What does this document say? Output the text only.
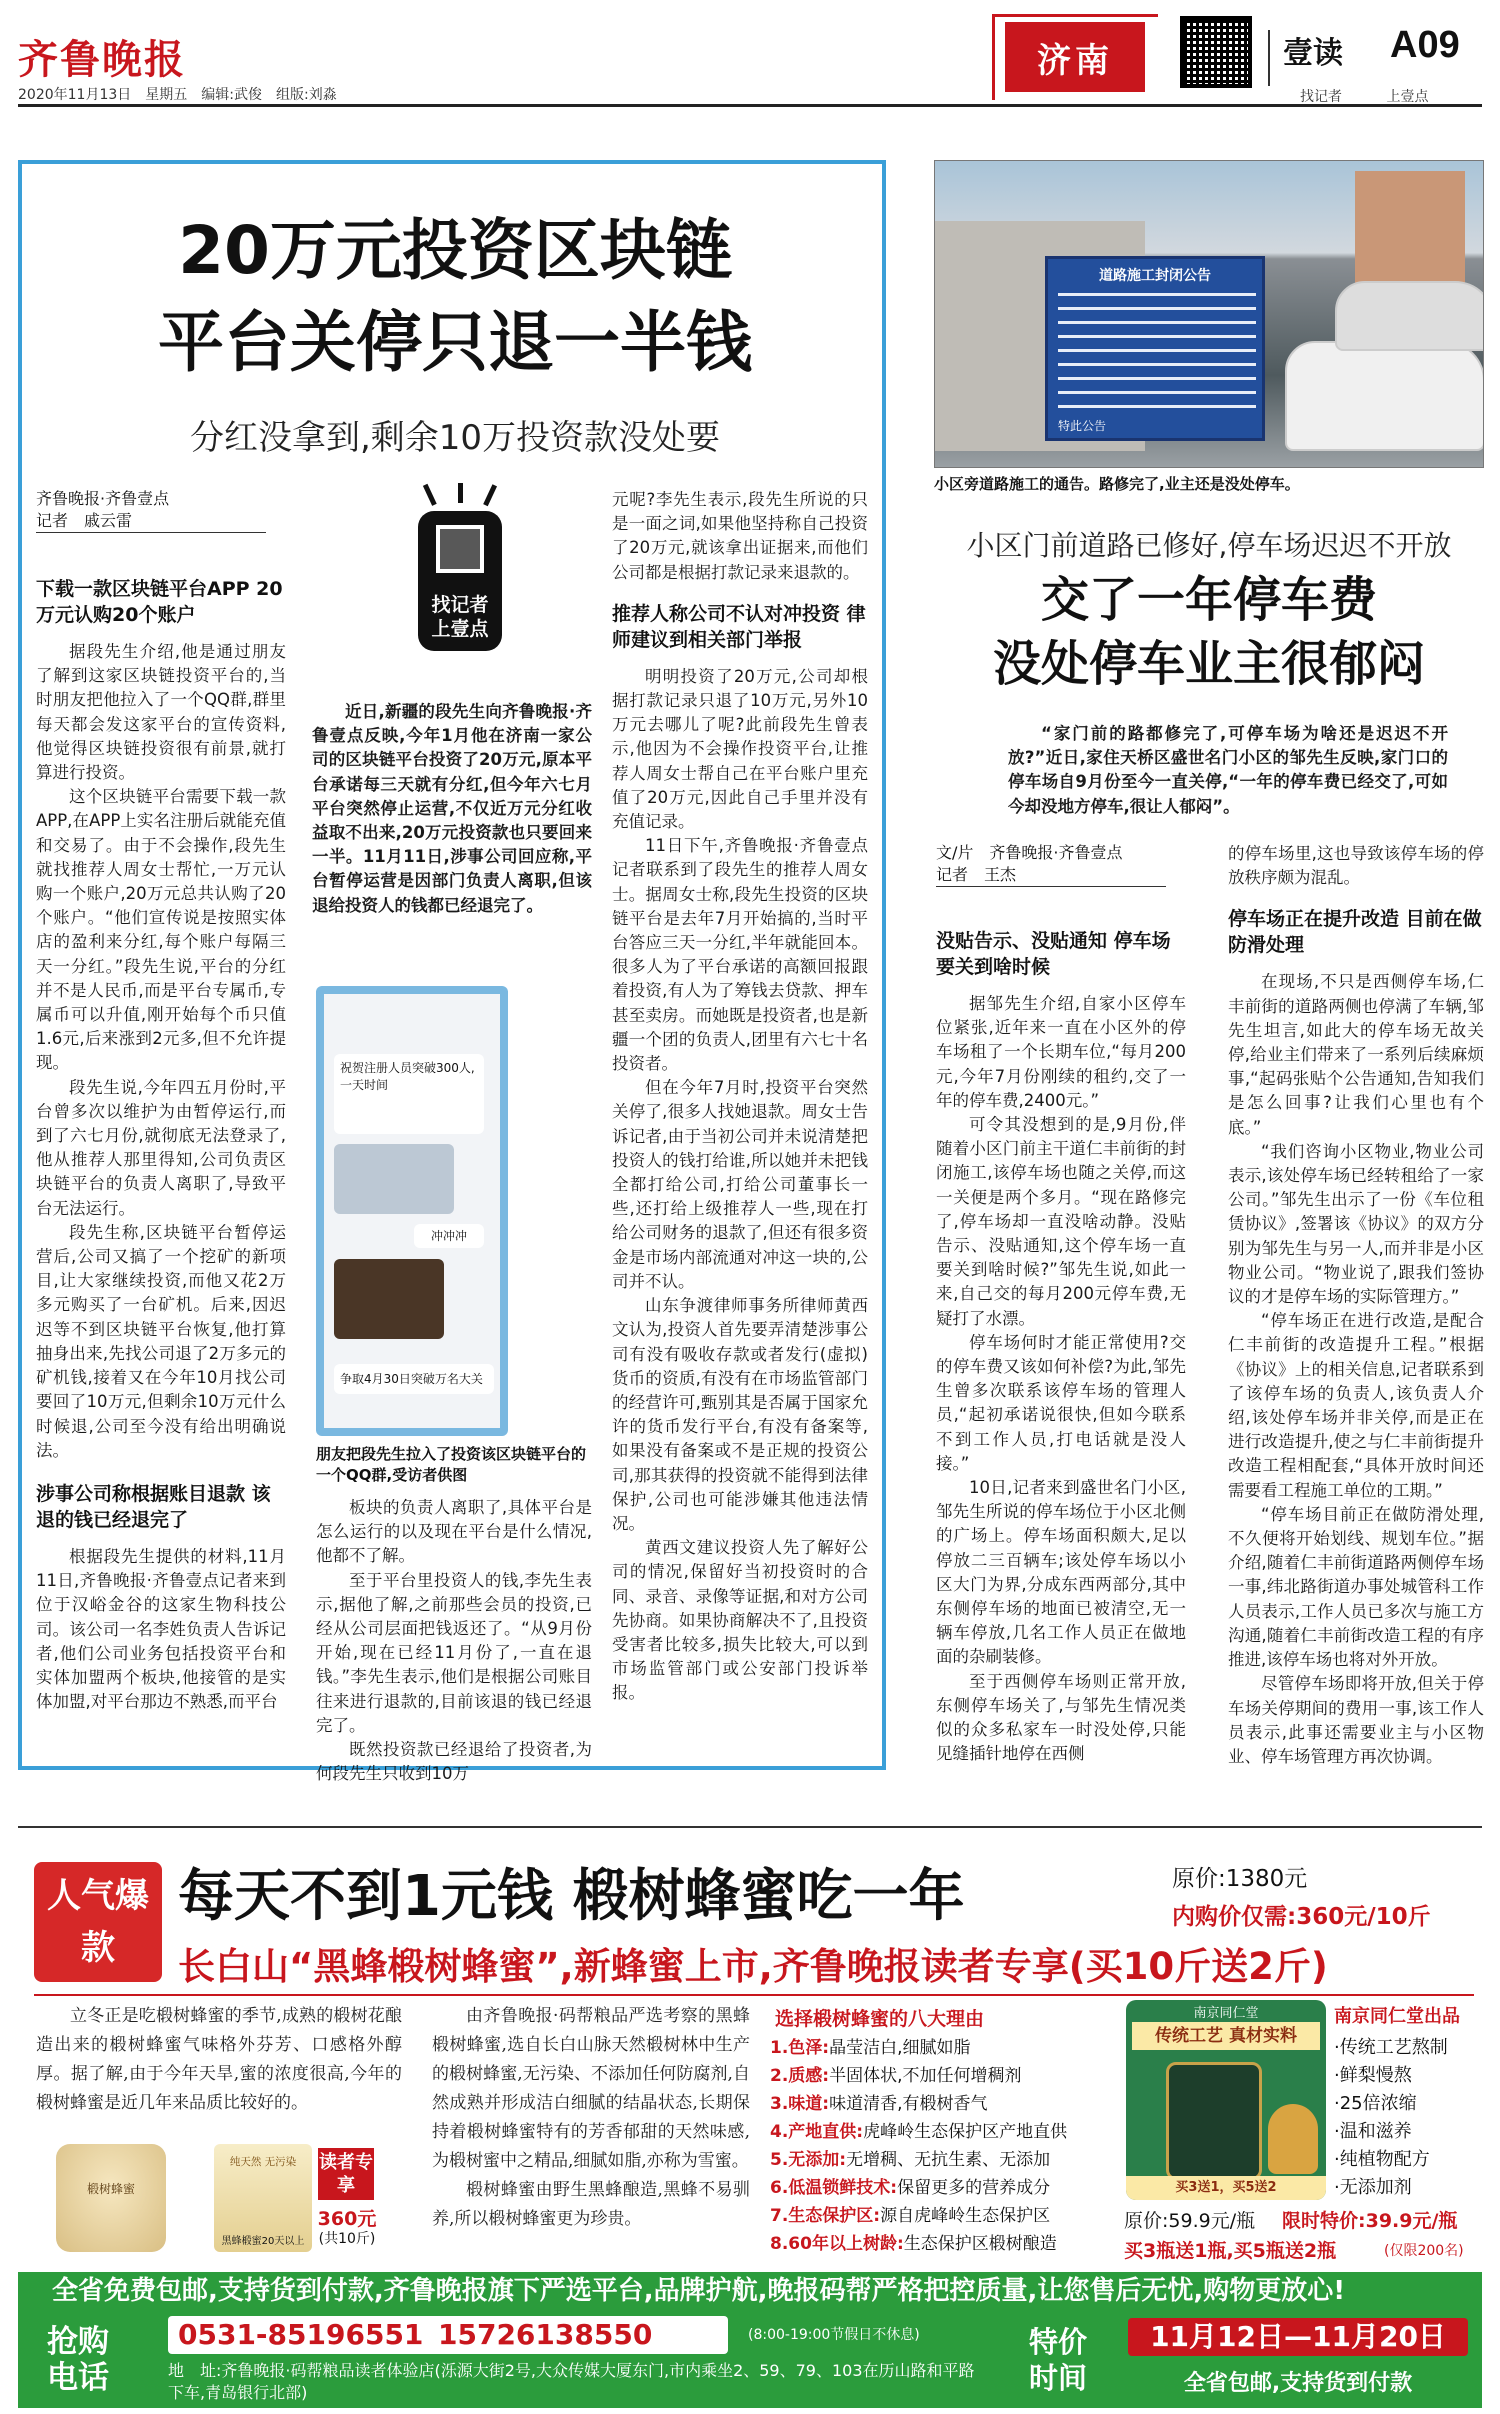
齐鲁晚报
2020年11月13日　星期五　编辑:武俊　组版:刘淼
济南	壹读 A09
找记者 上壹点
20万元投资区块链
平台关停只退一半钱
分红没拿到,剩余10万投资款没处要
齐鲁晚报·齐鲁壹点
记者　戚云雷
下载一款区块链平台APP 20万元认购20个账户

据段先生介绍,他是通过朋友了解到这家区块链投资平台的,当时朋友把他拉入了一个QQ群,群里每天都会发这家平台的宣传资料,他觉得区块链投资很有前景,就打算进行投资。

这个区块链平台需要下载一款APP,在APP上实名注册后就能充值和交易了。由于不会操作,段先生就找推荐人周女士帮忙,一万元认购一个账户,20万元总共认购了20个账户。“他们宣传说是按照实体店的盈利来分红,每个账户每隔三天一分红。”段先生说,平台的分红并不是人民币,而是平台专属币,专属币可以升值,刚开始每个币只值1.6元,后来涨到2元多,但不允许提现。

段先生说,今年四五月份时,平台曾多次以维护为由暂停运行,而到了六七月份,就彻底无法登录了,他从推荐人那里得知,公司负责区块链平台的负责人离职了,导致平台无法运行。

段先生称,区块链平台暂停运营后,公司又搞了一个挖矿的新项目,让大家继续投资,而他又花2万多元购买了一台矿机。后来,因迟迟等不到区块链平台恢复,他打算抽身出来,先找公司退了2万多元的矿机钱,接着又在今年10月找公司要回了10万元,但剩余10万元什么时候退,公司至今没有给出明确说法。

涉事公司称根据账目退款 该退的钱已经退完了

根据段先生提供的材料,11月11日,齐鲁晚报·齐鲁壹点记者来到位于汉峪金谷的这家生物科技公司。该公司一名李姓负责人告诉记者,他们公司业务包括投资平台和实体加盟两个板块,他接管的是实体加盟,对平台那边不熟悉,而平台

找记者
上壹点

近日,新疆的段先生向齐鲁晚报·齐鲁壹点反映,今年1月他在济南一家公司的区块链平台投资了20万元,原本平台承诺每三天就有分红,但今年六七月平台突然停止运营,不仅近万元分红收益取不出来,20万元投资款也只要回来一半。11月11日,涉事公司回应称,平台暂停运营是因部门负责人离职,但该退给投资人的钱都已经退完了。

祝贺注册人员突破300人,一天时间
冲冲冲
争取4月30日突破万名大关
朋友把段先生拉入了投资该区块链平台的一个QQ群,受访者供图

板块的负责人离职了,具体平台是怎么运行的以及现在平台是什么情况,他都不了解。

至于平台里投资人的钱,李先生表示,据他了解,之前那些会员的投资,已经从公司层面把钱返还了。“从9月份开始,现在已经11月份了,一直在退钱。”李先生表示,他们是根据公司账目往来进行退款的,目前该退的钱已经退完了。

既然投资款已经退给了投资者,为何段先生只收到10万

元呢?李先生表示,段先生所说的只是一面之词,如果他坚持称自己投资了20万元,就该拿出证据来,而他们公司都是根据打款记录来退款的。

推荐人称公司不认对冲投资 律师建议到相关部门举报

明明投资了20万元,公司却根据打款记录只退了10万元,另外10万元去哪儿了呢?此前段先生曾表示,他因为不会操作投资平台,让推荐人周女士帮自己在平台账户里充值了20万元,因此自己手里并没有充值记录。

11日下午,齐鲁晚报·齐鲁壹点记者联系到了段先生的推荐人周女士。据周女士称,段先生投资的区块链平台是去年7月开始搞的,当时平台答应三天一分红,半年就能回本。很多人为了平台承诺的高额回报跟着投资,有人为了筹钱去贷款、押车甚至卖房。而她既是投资者,也是新疆一个团的负责人,团里有六七十名投资者。

但在今年7月时,投资平台突然关停了,很多人找她退款。周女士告诉记者,由于当初公司并未说清楚把投资人的钱打给谁,所以她并未把钱全都打给公司,打给公司董事长一些,还打给上级推荐人一些,现在打给公司财务的退款了,但还有很多资金是市场内部流通对冲这一块的,公司并不认。

山东争渡律师事务所律师黄西文认为,投资人首先要弄清楚涉事公司有没有吸收存款或者发行(虚拟)货币的资质,有没有在市场监管部门的经营许可,甄别其是否属于国家允许的货币发行平台,有没有备案等,如果没有备案或不是正规的投资公司,那其获得的投资就不能得到法律保护,公司也可能涉嫌其他违法情况。

黄西文建议投资人先了解好公司的情况,保留好当初投资时的合同、录音、录像等证据,和对方公司先协商。如果协商解决不了,且投资受害者比较多,损失比较大,可以到市场监管部门或公安部门投诉举报。

道路施工封闭公告
特此公告
小区旁道路施工的通告。路修完了,业主还是没处停车。
小区门前道路已修好,停车场迟迟不开放
交了一年停车费
没处停车业主很郁闷

“家门前的路都修完了,可停车场为啥还是迟迟不开放?”近日,家住天桥区盛世名门小区的邹先生反映,家门口的停车场自9月份至今一直关停,“一年的停车费已经交了,可如今却没地方停车,很让人郁闷”。

文/片　齐鲁晚报·齐鲁壹点
记者　王杰
没贴告示、没贴通知 停车场要关到啥时候

据邹先生介绍,自家小区停车位紧张,近年来一直在小区外的停车场租了一个长期车位,“每月200元,今年7月份刚续的租约,交了一年的停车费,2400元。”

可令其没想到的是,9月份,伴随着小区门前主干道仁丰前街的封闭施工,该停车场也随之关停,而这一关便是两个多月。“现在路修完了,停车场却一直没啥动静。没贴告示、没贴通知,这个停车场一直要关到啥时候?”邹先生说,如此一来,自己交的每月200元停车费,无疑打了水漂。

停车场何时才能正常使用?交的停车费又该如何补偿?为此,邹先生曾多次联系该停车场的管理人员,“起初承诺说很快,但如今联系不到工作人员,打电话就是没人接。”

10日,记者来到盛世名门小区,邹先生所说的停车场位于小区北侧的广场上。停车场面积颇大,足以停放二三百辆车;该处停车场以小区大门为界,分成东西两部分,其中东侧停车场的地面已被清空,无一辆车停放,几名工作人员正在做地面的杂刷装修。

至于西侧停车场则正常开放,东侧停车场关了,与邹先生情况类似的众多私家车一时没处停,只能见缝插针地停在西侧

的停车场里,这也导致该停车场的停放秩序颇为混乱。

停车场正在提升改造 目前在做防滑处理

在现场,不只是西侧停车场,仁丰前街的道路两侧也停满了车辆,邹先生坦言,如此大的停车场无故关停,给业主们带来了一系列后续麻烦事,“起码张贴个公告通知,告知我们是怎么回事?让我们心里也有个底。”

“我们咨询小区物业,物业公司表示,该处停车场已经转租给了一家公司。”邹先生出示了一份《车位租赁协议》,签署该《协议》的双方分别为邹先生与另一人,而并非是小区物业公司。“物业说了,跟我们签协议的才是停车场的实际管理方。”

“停车场正在进行改造,是配合仁丰前街的改造提升工程。”根据《协议》上的相关信息,记者联系到了该停车场的负责人,该负责人介绍,该处停车场并非关停,而是正在进行改造提升,使之与仁丰前街提升改造工程相配套,“具体开放时间还需要看工程施工单位的工期。”

“停车场目前正在做防滑处理,不久便将开始划线、规划车位。”据介绍,随着仁丰前街道路两侧停车场一事,纬北路街道办事处城管科工作人员表示,工作人员已多次与施工方沟通,随着仁丰前街改造工程的有序推进,该停车场也将对外开放。

尽管停车场即将开放,但关于停车场关停期间的费用一事,该工作人员表示,此事还需要业主与小区物业、停车场管理方再次协调。

人气爆款
每天不到1元钱 椴树蜂蜜吃一年
长白山“黑蜂椴树蜂蜜”,新蜂蜜上市,齐鲁晚报读者专享(买10斤送2斤)
原价:1380元
内购价仅需:360元/10斤

立冬正是吃椴树蜂蜜的季节,成熟的椴树花酿造出来的椴树蜂蜜气味格外芬芳、口感格外醇厚。据了解,由于今年天旱,蜜的浓度很高,今年的椴树蜂蜜是近几年来品质比较好的。

椴树蜂蜜
纯天然 无污染
黑蜂椴蜜20天以上
读者专享
360元
(共10斤)

由齐鲁晚报·码帮粮品严选考察的黑蜂椴树蜂蜜,选自长白山脉天然椴树林中生产的椴树蜂蜜,无污染、不添加任何防腐剂,自然成熟并形成洁白细腻的结晶状态,长期保持着椴树蜂蜜特有的芳香郁甜的天然味感,为椴树蜜中之精品,细腻如脂,亦称为雪蜜。

椴树蜂蜜由野生黑蜂酿造,黑蜂不易驯养,所以椴树蜂蜜更为珍贵。

选择椴树蜂蜜的八大理由
1.色泽:晶莹洁白,细腻如脂
2.质感:半固体状,不加任何增稠剂
3.味道:味道清香,有椴树香气
4.产地直供:虎峰岭生态保护区产地直供
5.无添加:无增稠、无抗生素、无添加
6.低温锁鲜技术:保留更多的营养成分
7.生态保护区:源自虎峰岭生态保护区
8.60年以上树龄:生态保护区椴树酿造
南京同仁堂
传统工艺 真材实料
买3送1，买5送2
南京同仁堂出品
·传统工艺熬制
·鲜梨慢熬
·25倍浓缩
·温和滋养
·纯植物配方
·无添加剂
原价:59.9元/瓶 限时特价:39.9元/瓶
买3瓶送1瓶,买5瓶送2瓶	(仅限200名)
全省免费包邮,支持货到付款,齐鲁晚报旗下严选平台,品牌护航,晚报码帮严格把控质量,让您售后无忧,购物更放心!
抢购电话
0531-85196551 15726138550	(8:00-19:00节假日不休息)
地　址:齐鲁晚报·码帮粮品读者体验店(泺源大街2号,大众传媒大厦东门,市内乘坐2、59、79、103在历山路和平路下车,青岛银行北部)
特价时间
11月12日—11月20日
全省包邮,支持货到付款
